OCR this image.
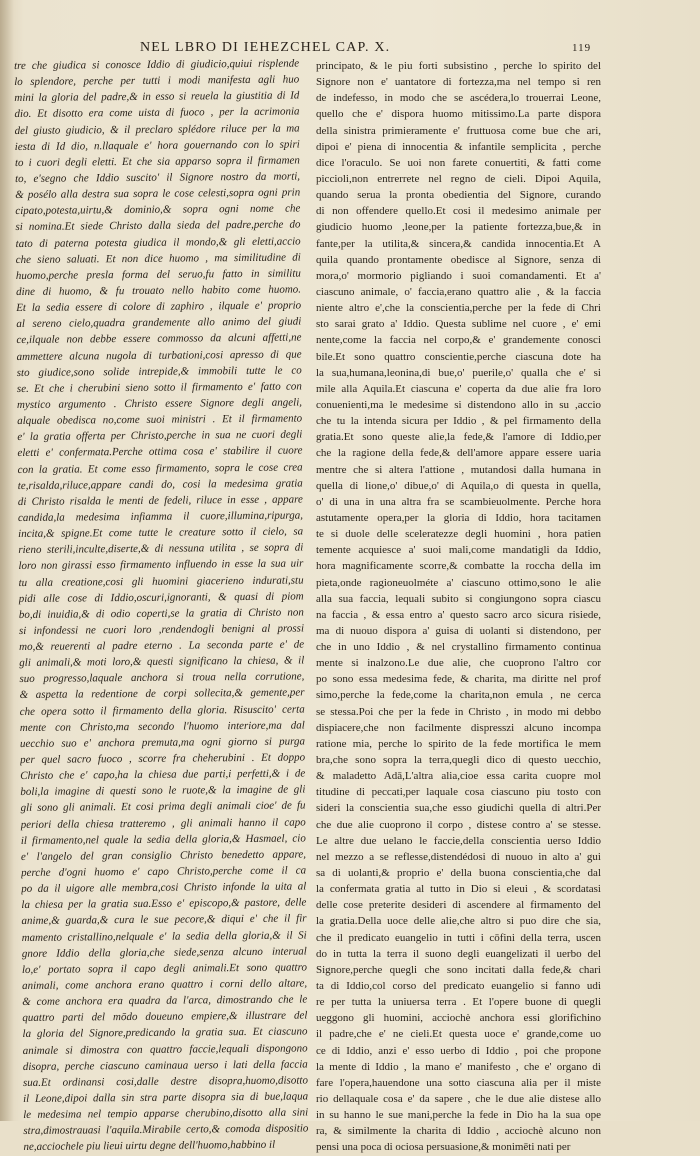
NEL LBRO DI IEHEZCHEL CAP. X.	119
tre che giudica si conosce Iddio di giudicio,quiui risplende
lo splendore, perche per tutti i modi manifesta agli huo
mini la gloria del padre,& in esso si reuela la giustitia di Id
dio. Et disotto era come uista di fuoco , per la acrimonia
del giusto giudicio, & il preclaro splédore riluce per la ma
iesta di Id dio, n.llaquale e' hora gouernando con lo spiri
to i cuori degli eletti. Et che sia apparso sopra il firmamen
to, e'segno che Iddio suscito' il Signore nostro da morti,
& posélo alla destra sua sopra le cose celesti,sopra ogni prin
cipato,potesta,uirtu,& dominio,& sopra ogni nome che
si nomina.Et siede Christo dalla sieda del padre,perche do
tato di paterna potesta giudica il mondo,& gli eletti,accio
che sieno saluati. Et non dice huomo , ma similitudine di
huomo,perche presla forma del seruo,fu fatto in similitu
dine di huomo, & fu trouato nello habito come huomo.
Et la sedia essere di colore di zaphiro , ilquale e' proprio
al sereno cielo,quadra grandemente allo animo del giudi
ce,ilquale non debbe essere commosso da alcuni affetti,ne
ammettere alcuna nugola di turbationi,cosi apresso di que
sto giudice,sono solide intrepide,& immobili tutte le co
se. Et che i cherubini sieno sotto il firmamento e' fatto con
mystico argumento . Christo essere Signore degli angeli,
alquale obedisca no,come suoi ministri . Et il firmamento
e' la gratia offerta per Christo,perche in sua ne cuori degli
eletti e' confermata.Perche ottima cosa e' stabilire il cuore
con la gratia. Et come esso firmamento, sopra le cose crea
te,risalda,riluce,appare candi do, cosi la medesima gratia
di Christo risalda le menti de fedeli, riluce in esse , appare
candida,la medesima infiamma il cuore,illumina,ripurga,
incita,& spigne.Et come tutte le creature sotto il cielo, sa
rieno sterili,inculte,diserte,& di nessuna utilita , se sopra di
loro non girassi esso firmamento influendo in esse la sua uir
tu alla creatione,cosi gli huomini giacerieno indurati,stu
pidi alle cose di Iddio,oscuri,ignoranti, & quasi di piom
bo,di inuidia,& di odio coperti,se la gratia di Christo non
si infondessi ne cuori loro ,rendendogli benigni al prossi
mo,& reuerenti al padre eterno . La seconda parte e' de
gli animali,& moti loro,& questi significano la chiesa, & il
suo progresso,laquale anchora si troua nella corrutione,
& aspetta la redentione de corpi sollecita,& gemente,per
che opera sotto il firmamento della gloria. Risuscito' certa
mente con Christo,ma secondo l'huomo interiore,ma dal
uecchio suo e' anchora premuta,ma ogni giorno si purga
per quel sacro fuoco , scorre fra cheherubini . Et doppo
Christo che e' capo,ha la chiesa due parti,i perfetti,& i de
boli,la imagine di questi sono le ruote,& la imagine de gli
gli sono gli animali. Et cosi prima degli animali cioe' de fu
periori della chiesa tratteremo , gli animali hanno il capo
il firmamento,nel quale la sedia della gloria,& Hasmael, cio
e' l'angelo del gran consiglio Christo benedetto appare,
perche d'ogni huomo e' capo Christo,perche come il ca
po da il uigore alle membra,cosi Christo infonde la uita al
la chiesa per la gratia sua.Esso e' episcopo,& pastore, delle
anime,& guarda,& cura le sue pecore,& diqui e' che il fir
mamento cristallino,nelquale e' la sedia della gloria,& il Si
gnore Iddio della gloria,che siede,senza alcuno interual
lo,e' portato sopra il capo degli animali.Et sono quattro
animali, come anchora erano quattro i corni dello altare,
& come anchora era quadra da l'arca, dimostrando che le
quattro parti del mōdo doueuno empiere,& illustrare del
la gloria del Signore,predicando la gratia sua. Et ciascuno
animale si dimostra con quattro faccie,lequali dispongono
disopra, perche ciascuno caminaua uerso i lati della faccia
sua.Et ordinansi cosi,dalle destre disopra,huomo,disotto
il Leone,dipoi dalla sin stra parte disopra sia di bue,laqua
le medesima nel tempio apparse cherubino,disotto alla sini
stra,dimostrauasi l'aquila.Mirabile certo,& comoda dispositio
ne,acciochele piu lieui uirtu degne dell'huomo,habbino il
principato, & le piu forti subsistino , perche lo spirito del
Signore non e' uantatore di fortezza,ma nel tempo si ren
de indefesso, in modo che se ascédera,lo trouerrai Leone,
quello che e' dispora huomo mitissimo.La parte dispora
della sinistra primieramente e' fruttuosa come bue che ari,
dipoi e' piena di innocentia & infantile semplicita , perche
dice l'oraculo. Se uoi non farete conuertiti, & fatti come
piccioli,non entrerrete nel regno de cieli. Dipoi Aquila,
quando serua la pronta obedientia del Signore, curando
di non offendere quello.Et cosi il medesimo animale per
giudicio huomo ,leone,per la patiente fortezza,bue,& in
fante,per la utilita,& sincera,& candida innocentia.Et A
quila quando prontamente obedisce al Signore, senza di
mora,o' mormorio pigliando i suoi comandamenti. Et a'
ciascuno animale, o' faccia,erano quattro alie , & la faccia
niente altro e',che la conscientia,perche per la fede di Chri
sto sarai grato a' Iddio. Questa sublime nel cuore , e' emi
nente,come la faccia nel corpo,& e' grandemente conosci
bile.Et sono quattro conscientie,perche ciascuna dote ha
la sua,humana,leonina,di bue,o' puerile,o' qualla che e' si
mile alla Aquila.Et ciascuna e' coperta da due alie fra loro
conuenienti,ma le medesime si distendono allo in su ,accio
che tu la intenda sicura per Iddio , & pel firmamento della
gratia.Et sono queste alie,la fede,& l'amore di Iddio,per
che la ragione della fede,& dell'amore appare essere uaria
mentre che si altera l'attione , mutandosi dalla humana in
quella di lione,o' dibue,o' di Aquila,o di questa in quella,
o' di una in una altra fra se scambieuolmente. Perche hora
astutamente opera,per la gloria di Iddio, hora tacitamen
te si duole delle sceleratezze degli huomini , hora patien
temente acquiesce a' suoi mali,come mandatigli da Iddio,
hora magnificamente scorre,& combatte la roccha della im
pieta,onde ragioneuolméte a' ciascuno ottimo,sono le alie
alla sua faccia, lequali subito si congiungono sopra ciascu
na faccia , & essa entro a' questo sacro arco sicura risiede,
ma di nuouo dispora a' guisa di uolanti si distendono, per
che in uno Iddio , & nel crystallino firmamento continua
mente si inalzono.Le due alie, che cuoprono l'altro cor
po sono essa medesima fede, & charita, ma diritte nel prof
simo,perche la fede,come la charita,non emula , ne cerca
se stessa.Poi che per la fede in Christo , in modo mi debbo
dispiacere,che non facilmente dispresszi alcuno incompa
ratione mia, perche lo spirito de la fede mortifica le mem
bra,che sono sopra la terra,quegli dico di questo uecchio,
& maladetto Adā,L'altra alia,cioe essa carita cuopre mol
titudine di peccati,per laquale cosa ciascuno piu tosto con
sideri la conscientia sua,che esso giudichi quella di altri.Per
che due alie cuoprono il corpo , distese contro a' se stesse.
Le altre due uelano le faccie,della conscientia uerso Iddio
nel mezzo a se reflesse,distendédosi di nuouo in alto a' gui
sa di uolanti,& proprio e' della buona conscientia,che dal
la confermata gratia al tutto in Dio si eleui , & scordatasi
delle cose preterite desideri di ascendere al firmamento del
la gratia.Della uoce delle alie,che altro si puo dire che sia,
che il predicato euangelio in tutti i cōfini della terra, uscen
do in tutta la terra il suono degli euangelizati il uerbo del
Signore,perche quegli che sono incitati dalla fede,& chari
ta di Iddio,col corso del predicato euangelio si fanno udi
re per tutta la uniuersa terra . Et l'opere buone di quegli
ueggono gli huomini, acciochè anchora essi glorifichino
il padre,che e' ne cieli.Et questa uoce e' grande,come uo
ce di Iddio, anzi e' esso uerbo di Iddio , poi che propone
la mente di Iddio , la mano e' manifesto , che e' organo di
fare l'opera,hauendone una sotto ciascuna alia per il miste
rio dellaquale cosa e' da sapere , che le due alie distese allo
in su hanno le sue mani,perche la fede in Dio ha la sua ope
ra, & similmente la charita di Iddio , acciochè alcuno non
pensi una poca di ociosa persuasione,& monimēti nati per
